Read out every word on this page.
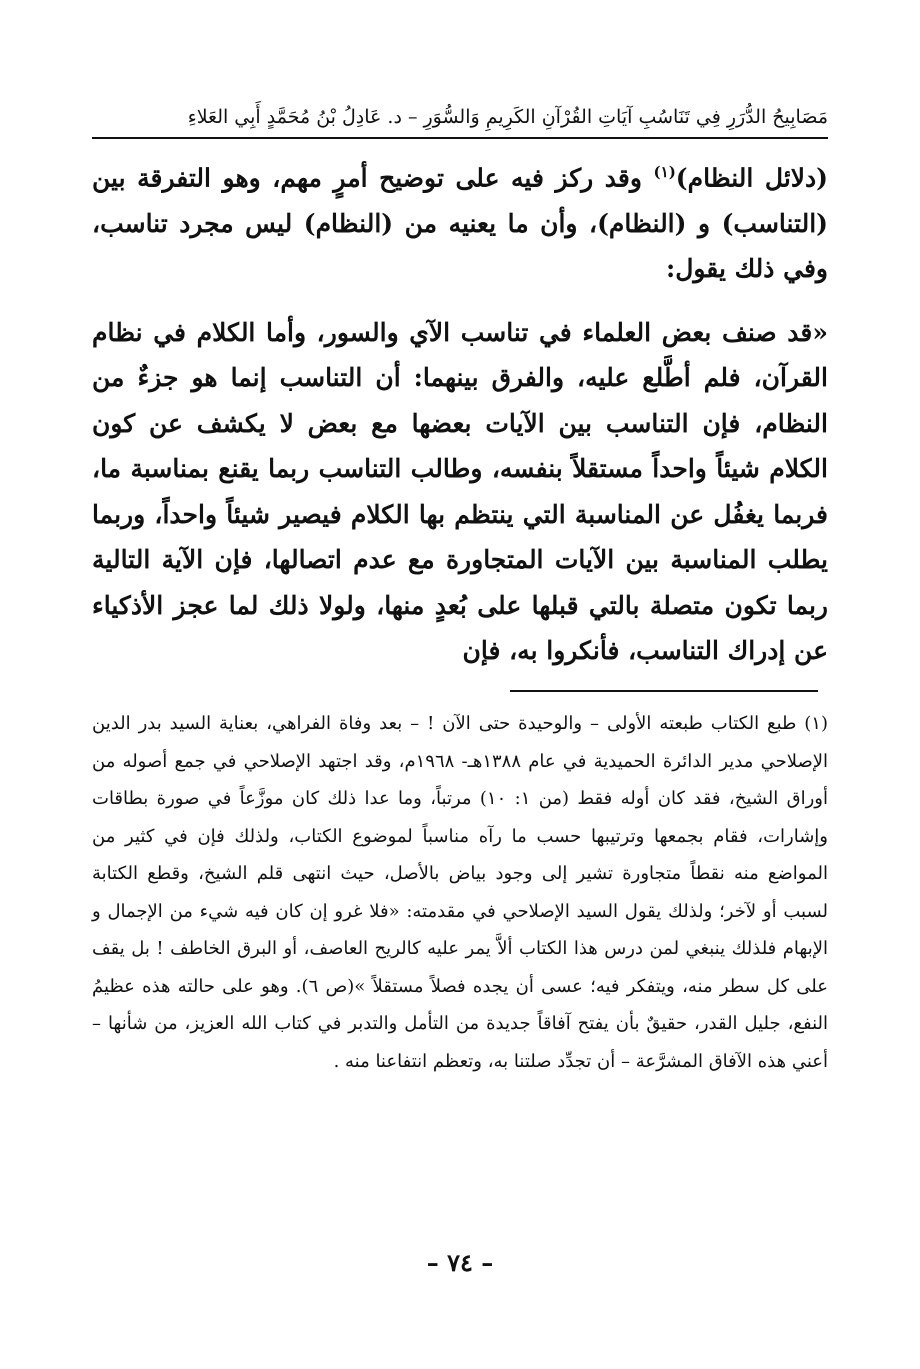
مَصَابِيحُ الدُّرَرِ فِي تَنَاسُبِ آيَاتِ القُرْآنِ الكَرِيمِ وَالسُّوَرِ – د. عَادِلُ بْنُ مُحَمَّدٍ أَبِي العَلاءِ

(دلائل النظام)$^{(١)}$ وقد ركز فيه على توضيح أمرٍ مهم، وهو التفرقة بين (التناسب) و (النظام)، وأن ما يعنيه من (النظام) ليس مجرد تناسب، وفي ذلك يقول:

«قد صنف بعض العلماء في تناسب الآي والسور، وأما الكلام في نظام القرآن، فلم أطَّلع عليه، والفرق بينهما: أن التناسب إنما هو جزءٌ من النظام، فإن التناسب بين الآيات بعضها مع بعض لا يكشف عن كون الكلام شيئاً واحداً مستقلاً بنفسه، وطالب التناسب ربما يقنع بمناسبة ما، فربما يغفُل عن المناسبة التي ينتظم بها الكلام فيصير شيئاً واحداً، وربما يطلب المناسبة بين الآيات المتجاورة مع عدم اتصالها، فإن الآية التالية ربما تكون متصلة بالتي قبلها على بُعدٍ منها، ولولا ذلك لما عجز الأذكياء عن إدراك التناسب، فأنكروا به، فإن

(١) طبع الكتاب طبعته الأولى – والوحيدة حتى الآن ! – بعد وفاة الفراهي، بعناية السيد بدر الدين الإصلاحي مدير الدائرة الحميدية في عام ١٣٨٨هـ- ١٩٦٨م، وقد اجتهد الإصلاحي في جمع أصوله من أوراق الشيخ، فقد كان أوله فقط (من ١: ١٠) مرتباً، وما عدا ذلك كان موزَّعاً في صورة بطاقات وإشارات، فقام بجمعها وترتيبها حسب ما رآه مناسباً لموضوع الكتاب، ولذلك فإن في كثير من المواضع منه نقطاً متجاورة تشير إلى وجود بياض بالأصل، حيث انتهى قلم الشيخ، وقطع الكتابة لسبب أو لآخر؛ ولذلك يقول السيد الإصلاحي في مقدمته: «فلا غرو إن كان فيه شيء من الإجمال و الإبهام فلذلك ينبغي لمن درس هذا الكتاب ألاَّ يمر عليه كالريح العاصف، أو البرق الخاطف ! بل يقف على كل سطر منه، ويتفكر فيه؛ عسى أن يجده فصلاً مستقلاً »(ص ٦). وهو على حالته هذه عظيمُ النفع، جليل القدر، حقيقٌ بأن يفتح آفاقاً جديدة من التأمل والتدبر في كتاب الله العزيز، من شأنها – أعني هذه الآفاق المشرَّعة – أن تجدِّد صلتنا به، وتعظم انتفاعنا منه .

– ٧٤ –
